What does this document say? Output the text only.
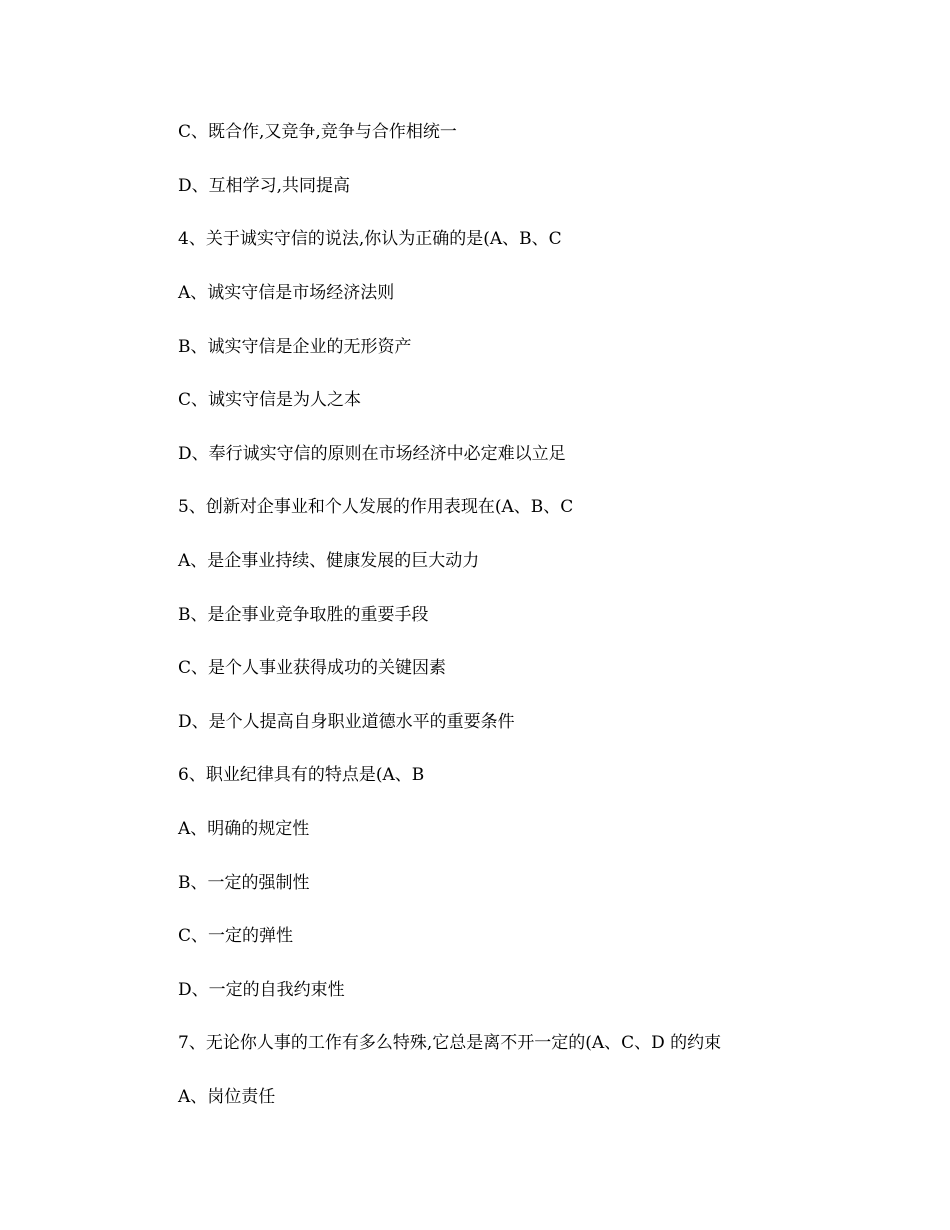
C、既合作,又竞争,竞争与合作相统一
D、互相学习,共同提高
4、关于诚实守信的说法,你认为正确的是(A、B、C
A、诚实守信是市场经济法则
B、诚实守信是企业的无形资产
C、诚实守信是为人之本
D、奉行诚实守信的原则在市场经济中必定难以立足
5、创新对企事业和个人发展的作用表现在(A、B、C
A、是企事业持续、健康发展的巨大动力
B、是企事业竞争取胜的重要手段
C、是个人事业获得成功的关键因素
D、是个人提高自身职业道德水平的重要条件
6、职业纪律具有的特点是(A、B
A、明确的规定性
B、一定的强制性
C、一定的弹性
D、一定的自我约束性
7、无论你人事的工作有多么特殊,它总是离不开一定的(A、C、D 的约束
A、岗位责任
